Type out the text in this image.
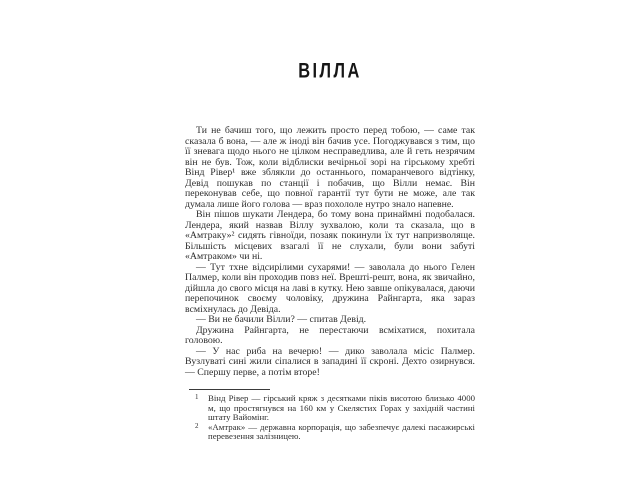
ВІЛЛА

Ти не бачиш того, що лежить просто перед тобою, — саме так сказала б вона, — але ж іноді він бачив усе. Погоджувався з тим, що її зневага щодо нього не цілком несправедлива, але й геть незрячим він не був. Тож, коли відблиски вечірньої зорі на гірському хребті Вінд Рівер¹ вже зблякли до останнього, помаранчевого відтінку, Девід пошукав по станції і побачив, що Вілли немає. Він переконував себе, що повної гарантії тут бути не може, але так думала лише його голова — враз похололе нутро знало напевне.

Він пішов шукати Лендера, бо тому вона принаймні подобалася. Лендера, який назвав Віллу зухвалою, коли та сказала, що в «Амтраку»² сидять гівноїди, позаяк покинули їх тут напризволяще. Більшість місцевих взагалі її не слухали, були вони забуті «Амтраком» чи ні.

— Тут тхне відсирілими сухарями! — заволала до нього Гелен Палмер, коли він проходив повз неї. Врешті-решт, вона, як звичайно, дійшла до свого місця на лаві в кутку. Нею завше опікувалася, даючи перепочинок своєму чоловіку, дружина Райнгарта, яка зараз всміхнулась до Девіда.

— Ви не бачили Вілли? — спитав Девід.

Дружина Райнгарта, не перестаючи всміхатися, похитала головою.

— У нас риба на вечерю! — дико заволала місіс Палмер. Вузлуваті сині жили сіпалися в западині її скроні. Дехто озирнувся. — Спершу перве, а потім вторе!

1 Вінд Рівер — гірський кряж з десятками піків висотою близько 4000 м, що простягнувся на 160 км у Скелястих Горах у західній частині штату Вайомінг.

2 «Амтрак» — державна корпорація, що забезпечує далекі пасажирські перевезення залізницею.
